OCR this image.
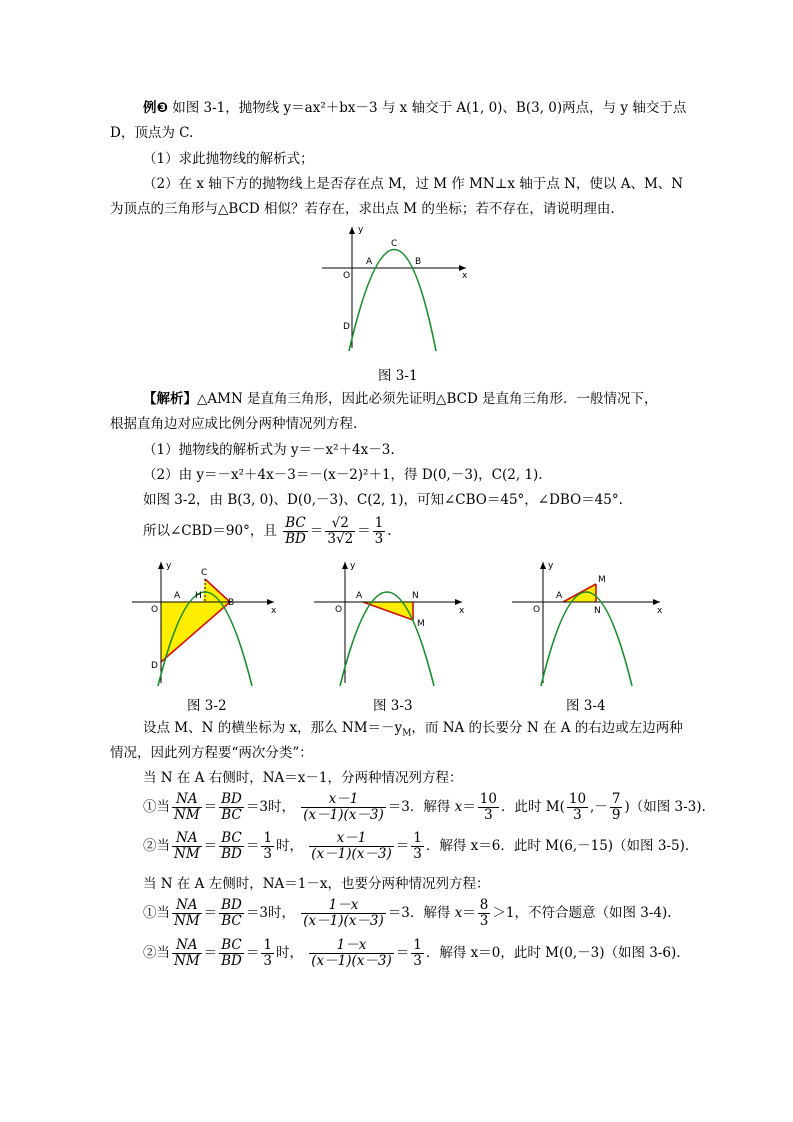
例❸ 如图 3-1，抛物线 y＝ax²＋bx－3 与 x 轴交于 A(1, 0)、B(3, 0)两点，与 y 轴交于点
D，顶点为 C.
（1）求此抛物线的解析式；
（2）在 x 轴下方的抛物线上是否存在点 M，过 M 作 MN⊥x 轴于点 N，使以 A、M、N
为顶点的三角形与△BCD 相似？若存在，求出点 M 的坐标；若不存在，请说明理由.
y
x
O
A	B
C
D
图 3-1
【解析】△AMN 是直角三角形，因此必须先证明△BCD 是直角三角形．一般情况下，
根据直角边对应成比例分两种情况列方程.
（1）抛物线的解析式为 y＝－x²＋4x－3.
（2）由 y＝－x²＋4x－3＝－(x－2)²＋1，得 D(0,－3)，C(2, 1).
如图 3-2，由 B(3, 0)、D(0,－3)、C(2, 1)，可知∠CBO＝45°，∠DBO＝45°.
所以∠CBD＝90°，且 $\frac{BC}{BD} = \frac{√2}{3√2} = \frac{1}{3}$ .
y
x
O
A H
B
C
D
图 3-2
y
x
O
A	N
M
图 3-3
y
x
O
A
N
M
图 3-4
设点 M、N 的横坐标为 x，那么 $NM=-y_M$，而 NA 的长要分 N 在 A 的右边或左边两种
情况，因此列方程要“两次分类”：
当 N 在 A 右侧时，NA＝x－1，分两种情况列方程：
①当 $\frac{NA}{NM} = \frac{BD}{BC} =3$时， $\frac{x-1}{(x-1)(x-3)} =3$．解得 $x= \frac{10}{3}$ ．此时 $M( \frac{10}{3}$ ,－ $\frac{7}{9}$ )（如图 3-3).
②当 $\frac{NA}{NM} = \frac{BC}{BD} = \frac{1}{3}$ 时， $\frac{x-1}{(x-1)(x-3)} = \frac{1}{3}$ ．解得 x＝6．此时 M(6,－15)（如图 3-5).
当 N 在 A 左侧时，NA＝1－x，也要分两种情况列方程：
①当 $\frac{NA}{NM} = \frac{BD}{BC} =3$时， $\frac{1-x}{(x-1)(x-3)} =3$．解得 $x= \frac{8}{3} >1$，不符合题意（如图 3-4).
②当 $\frac{NA}{NM} = \frac{BC}{BD} = \frac{1}{3}$ 时， $\frac{1-x}{(x-1)(x-3)} = \frac{1}{3}$ ．解得 x＝0，此时 M(0,－3)（如图 3-6).
